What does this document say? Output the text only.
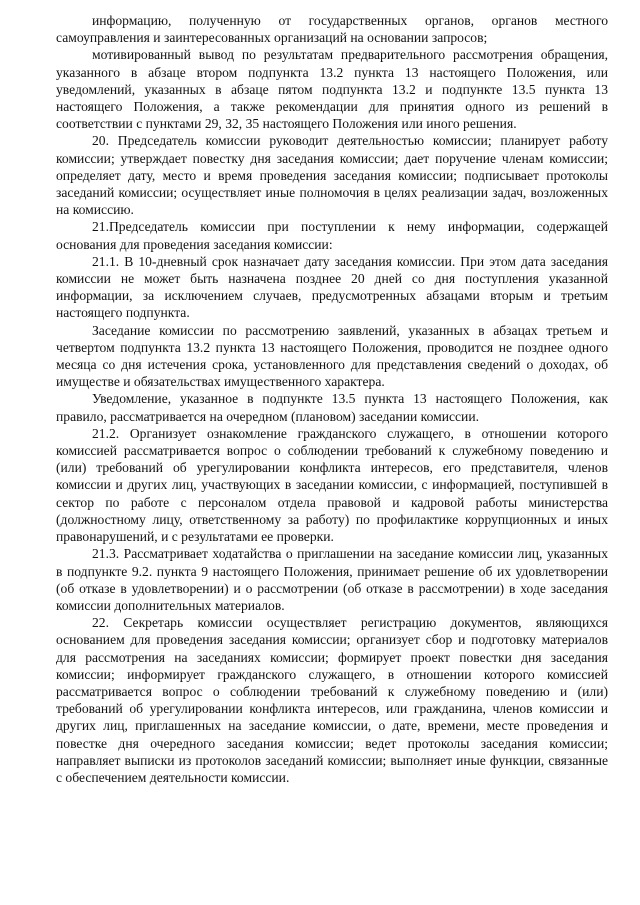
информацию, полученную от государственных органов, органов местного самоуправления и заинтересованных организаций на основании запросов;

мотивированный вывод по результатам предварительного рассмотрения обращения, указанного в абзаце втором подпункта 13.2 пункта 13 настоящего Положения, или уведомлений, указанных в абзаце пятом подпункта 13.2 и подпункте 13.5 пункта 13 настоящего Положения, а также рекомендации для принятия одного из решений в соответствии с пунктами 29, 32, 35 настоящего Положения или иного решения.

20. Председатель комиссии руководит деятельностью комиссии; планирует работу комиссии; утверждает повестку дня заседания комиссии; дает поручение членам комиссии; определяет дату, место и время проведения заседания комиссии; подписывает протоколы заседаний комиссии; осуществляет иные полномочия в целях реализации задач, возложенных на комиссию.

21.Председатель комиссии при поступлении к нему информации, содержащей основания для проведения заседания комиссии:

21.1. В 10-дневный срок назначает дату заседания комиссии. При этом дата заседания комиссии не может быть назначена позднее 20 дней со дня поступления указанной информации, за исключением случаев, предусмотренных абзацами вторым и третьим настоящего подпункта.

Заседание комиссии по рассмотрению заявлений, указанных в абзацах третьем и четвертом подпункта 13.2 пункта 13 настоящего Положения, проводится не позднее одного месяца со дня истечения срока, установленного для представления сведений о доходах, об имуществе и обязательствах имущественного характера.

Уведомление, указанное в подпункте 13.5 пункта 13 настоящего Положения, как правило, рассматривается на очередном (плановом) заседании комиссии.

21.2. Организует ознакомление гражданского служащего, в отношении которого комиссией рассматривается вопрос о соблюдении требований к служебному поведению и (или) требований об урегулировании конфликта интересов, его представителя, членов комиссии и других лиц, участвующих в заседании комиссии, с информацией, поступившей в сектор по работе с персоналом отдела правовой и кадровой работы министерства (должностному лицу, ответственному за работу) по профилактике коррупционных и иных правонарушений, и с результатами ее проверки.

21.3. Рассматривает ходатайства о приглашении на заседание комиссии лиц, указанных в подпункте 9.2. пункта 9 настоящего Положения, принимает решение об их удовлетворении (об отказе в удовлетворении) и о рассмотрении (об отказе в рассмотрении) в ходе заседания комиссии дополнительных материалов.

22. Секретарь комиссии осуществляет регистрацию документов, являющихся основанием для проведения заседания комиссии; организует сбор и подготовку материалов для рассмотрения на заседаниях комиссии; формирует проект повестки дня заседания комиссии; информирует гражданского служащего, в отношении которого комиссией рассматривается вопрос о соблюдении требований к служебному поведению и (или) требований об урегулировании конфликта интересов, или гражданина, членов комиссии и других лиц, приглашенных на заседание комиссии, о дате, времени, месте проведения и повестке дня очередного заседания комиссии; ведет протоколы заседания комиссии; направляет выписки из протоколов заседаний комиссии; выполняет иные функции, связанные с обеспечением деятельности комиссии.
